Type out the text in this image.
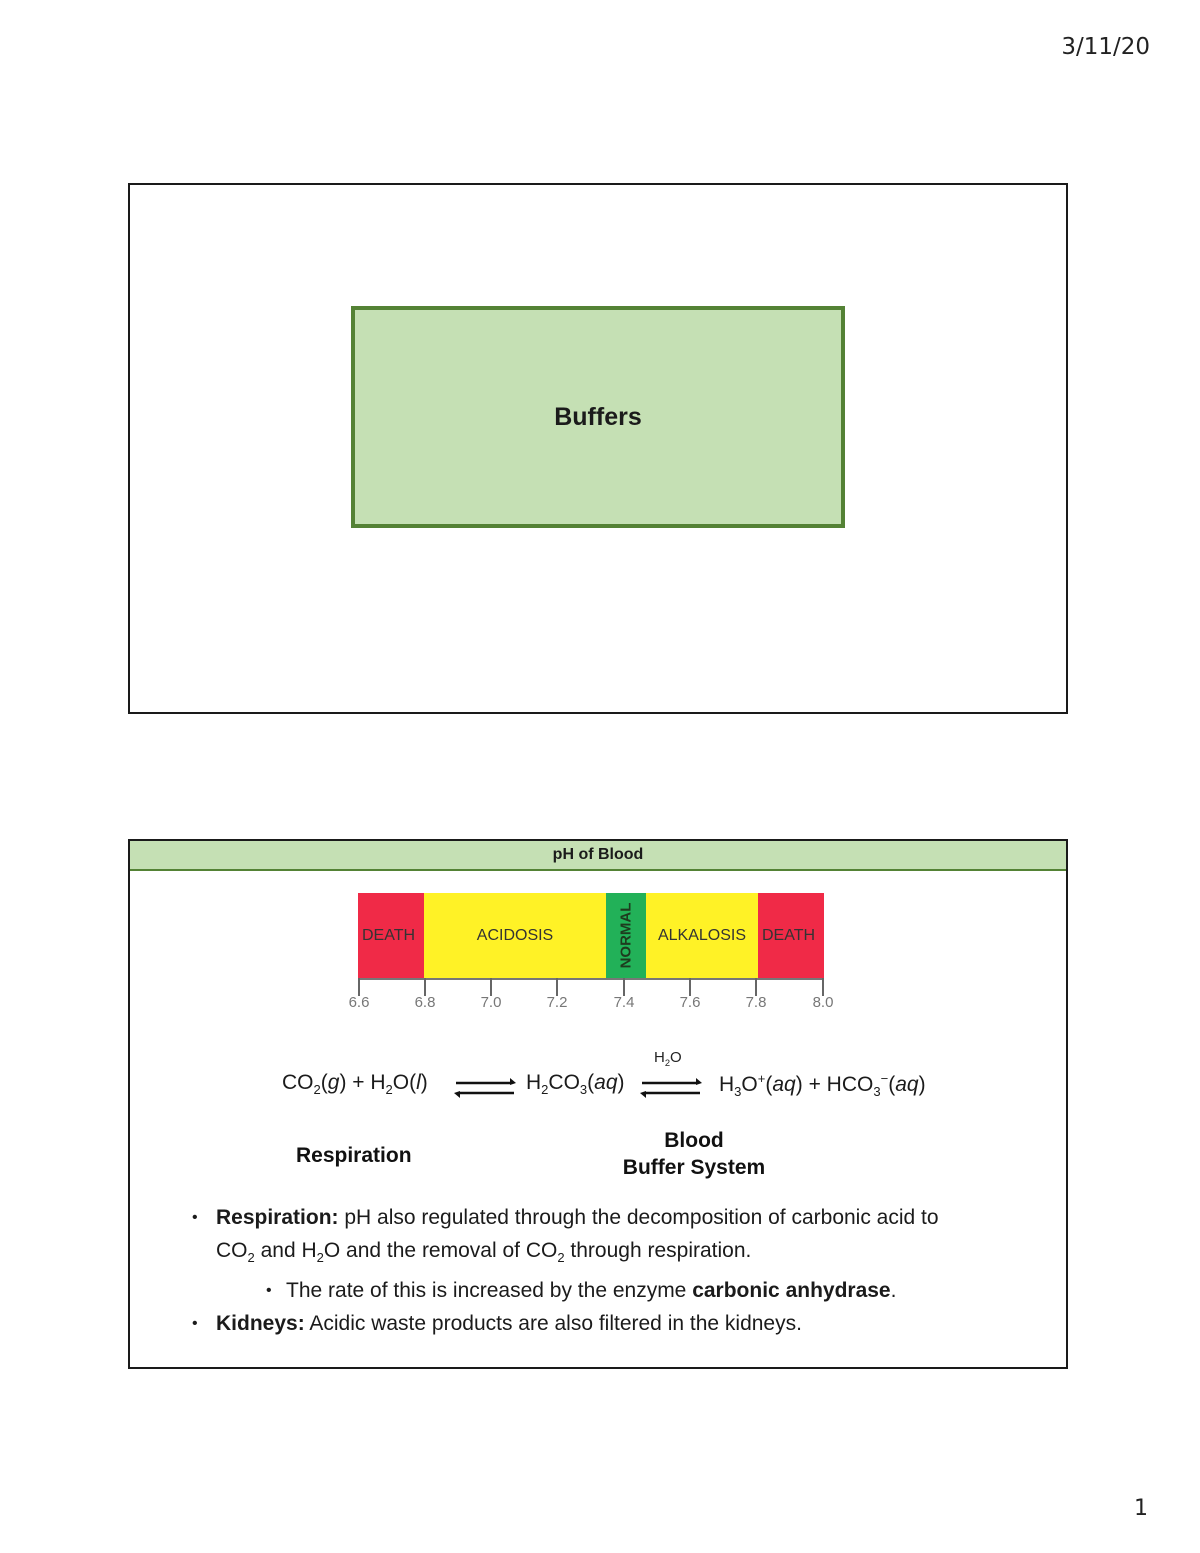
3/11/20
Buffers
pH of Blood
DEATH	ACIDOSIS	NORMAL	ALKALOSIS DEATH
6.6	6.8	7.0	7.2	7.4	7.6	7.8	8.0
$CO_2(g) + H_2O(l)$ ⇌ $H_2CO_3(aq)$
$H_2O$
⇌ $H_3O^+(aq) + HCO_3^-(aq)$
Respiration
Blood
Buffer System
• Respiration: pH also regulated through the decomposition of carbonic acid to
$CO_2$ and $H_2O$ and the removal of $CO_2$ through respiration.
• The rate of this is increased by the enzyme carbonic anhydrase.
• Kidneys: Acidic waste products are also filtered in the kidneys.
1
